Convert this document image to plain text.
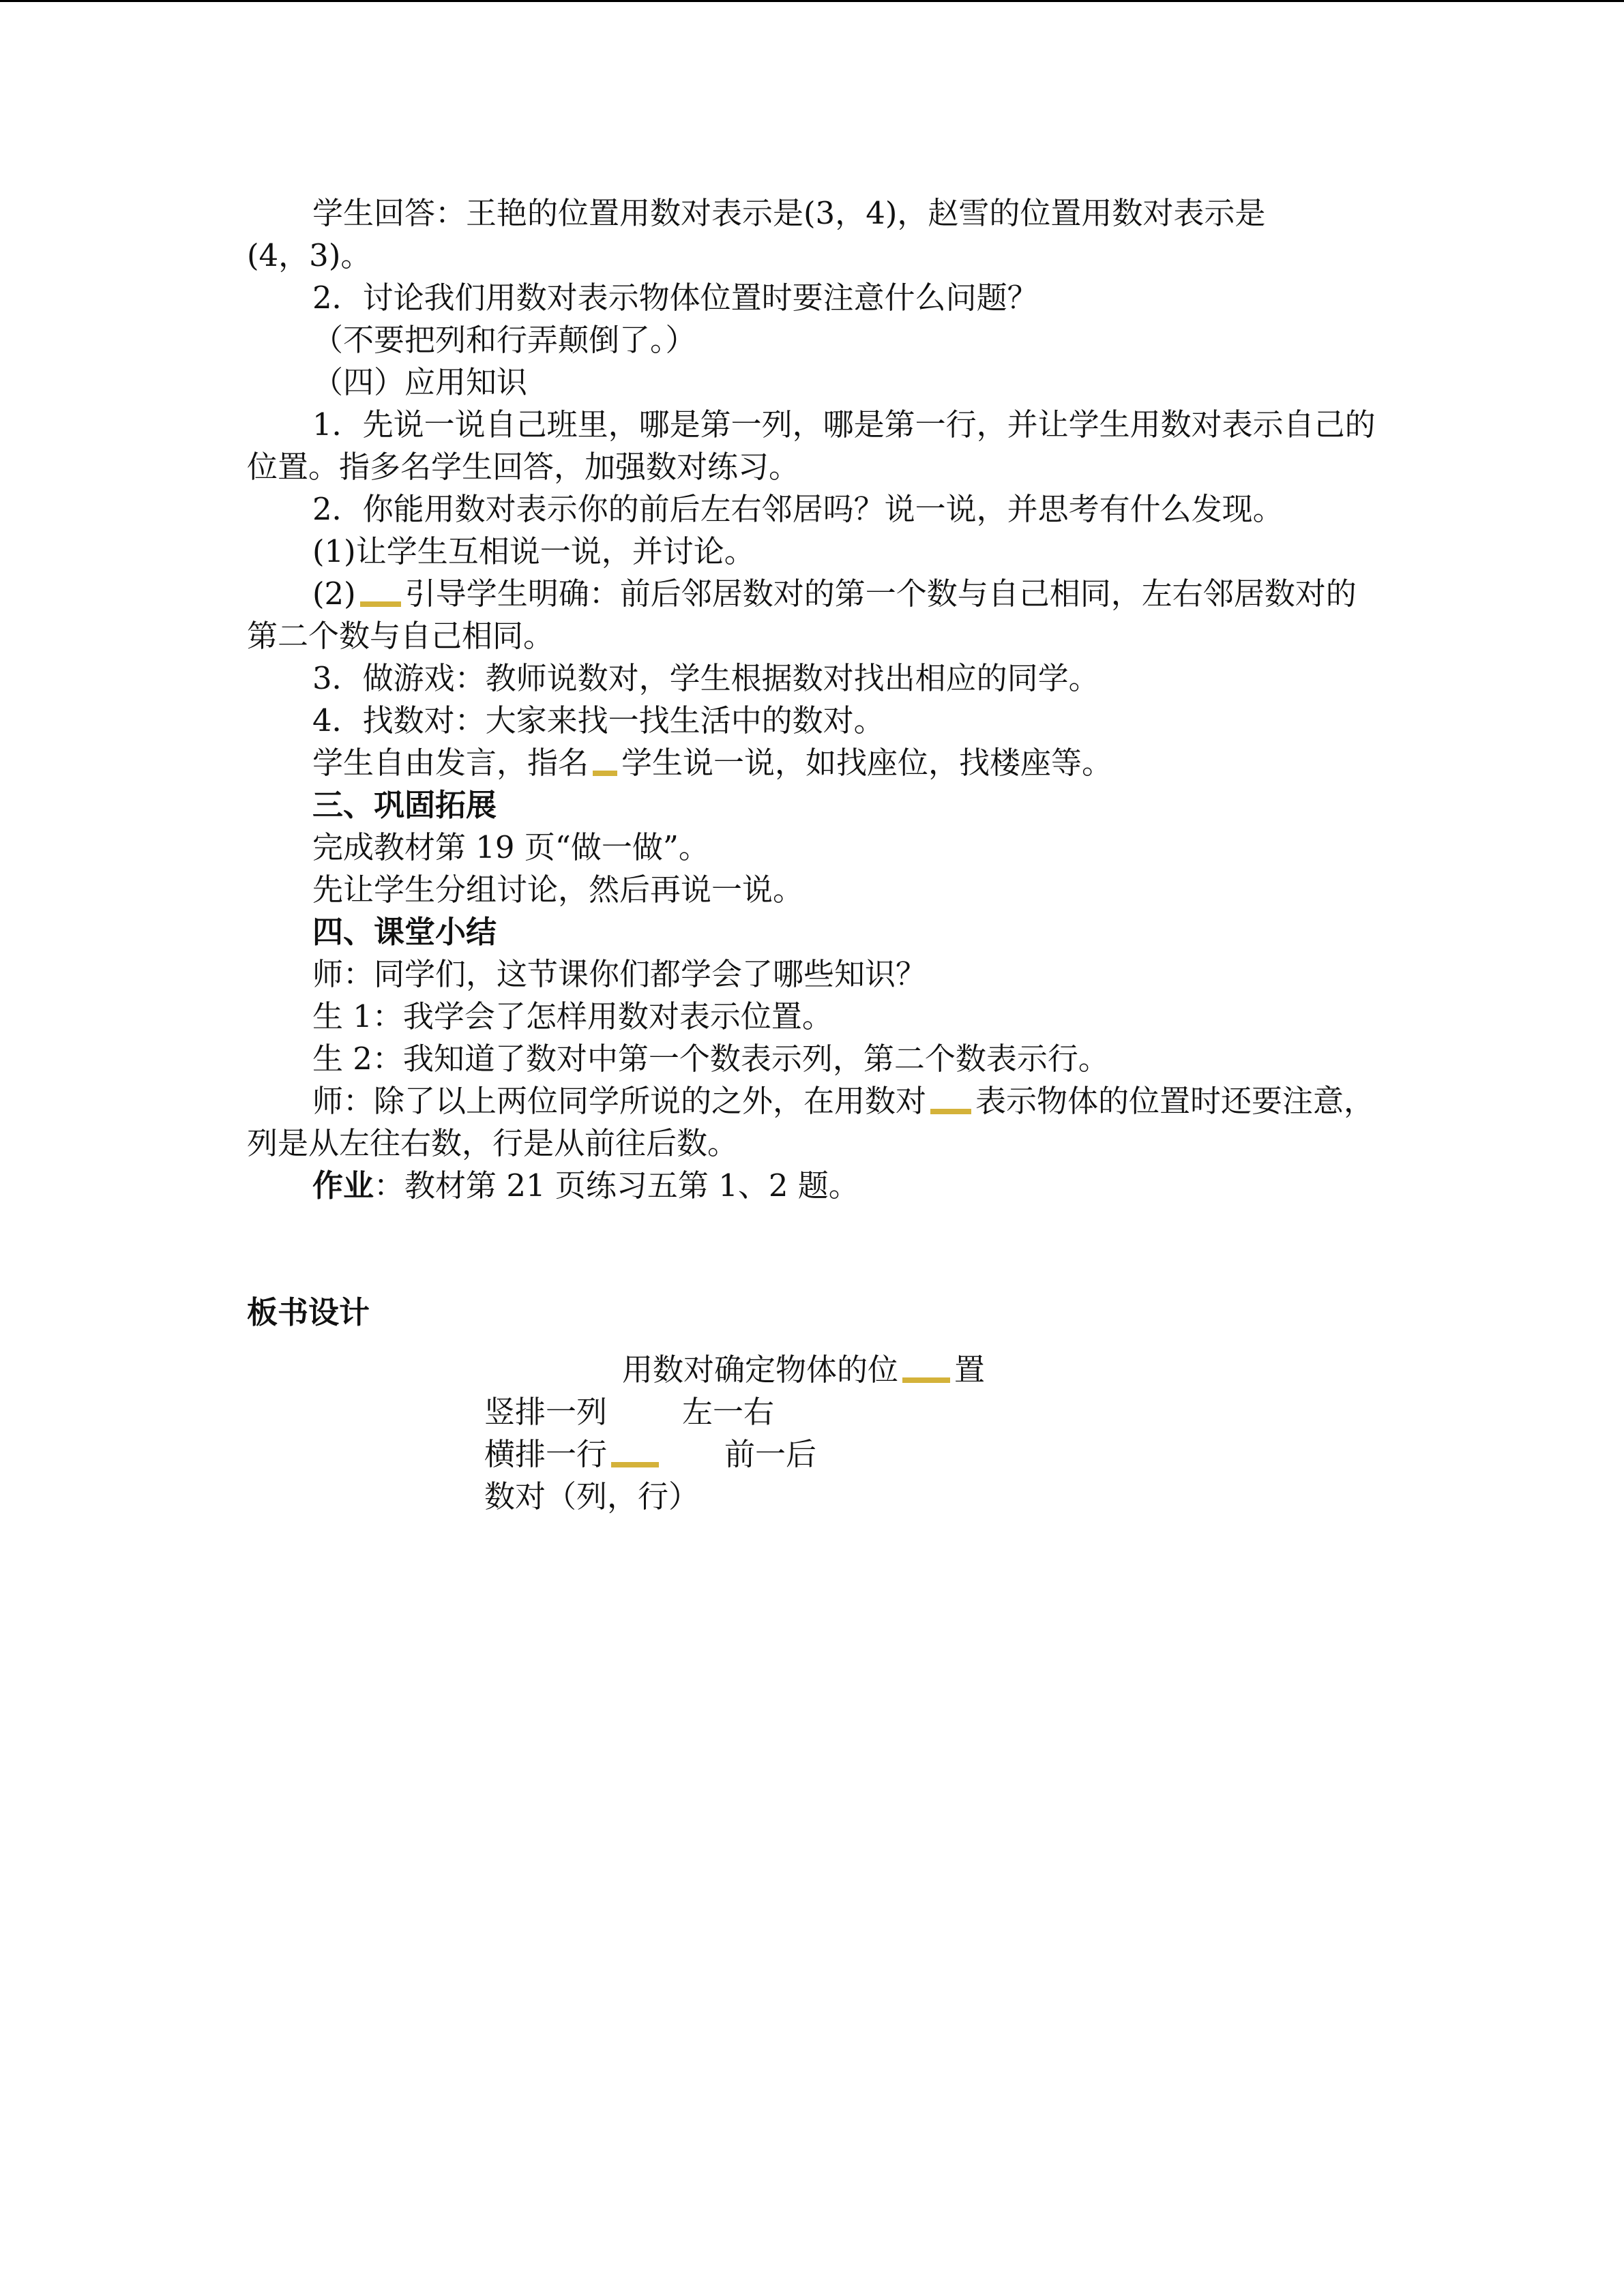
学生回答：王艳的位置用数对表示是(3，4)，赵雪的位置用数对表示是

(4，3)。

2．讨论我们用数对表示物体位置时要注意什么问题？

（不要把列和行弄颠倒了。）

（四）应用知识

1．先说一说自己班里，哪是第一列，哪是第一行，并让学生用数对表示自己的位置。指多名学生回答，加强数对练习。

2．你能用数对表示你的前后左右邻居吗？说一说，并思考有什么发现。

(1)让学生互相说一说，并讨论。

(2) 引导学生明确：前后邻居数对的第一个数与自己相同，左右邻居数对的第二个数与自己相同。

3．做游戏：教师说数对，学生根据数对找出相应的同学。

4．找数对：大家来找一找生活中的数对。

学生自由发言，指名 学生说一说，如找座位，找楼座等。

三、巩固拓展

完成教材第 19 页“做一做”。

先让学生分组讨论，然后再说一说。

四、课堂小结

师：同学们，这节课你们都学会了哪些知识？

生 1：我学会了怎样用数对表示位置。

生 2：我知道了数对中第一个数表示列，第二个数表示行。

师：除了以上两位同学所说的之外，在用数对 表示物体的位置时还要注意，列是从左往右数，行是从前往后数。

作业：教材第 21 页练习五第 1、2 题。

板书设计

用数对确定物体的位 置
竖排一列 左一右
横排一行	前一后
数对（列，行）
